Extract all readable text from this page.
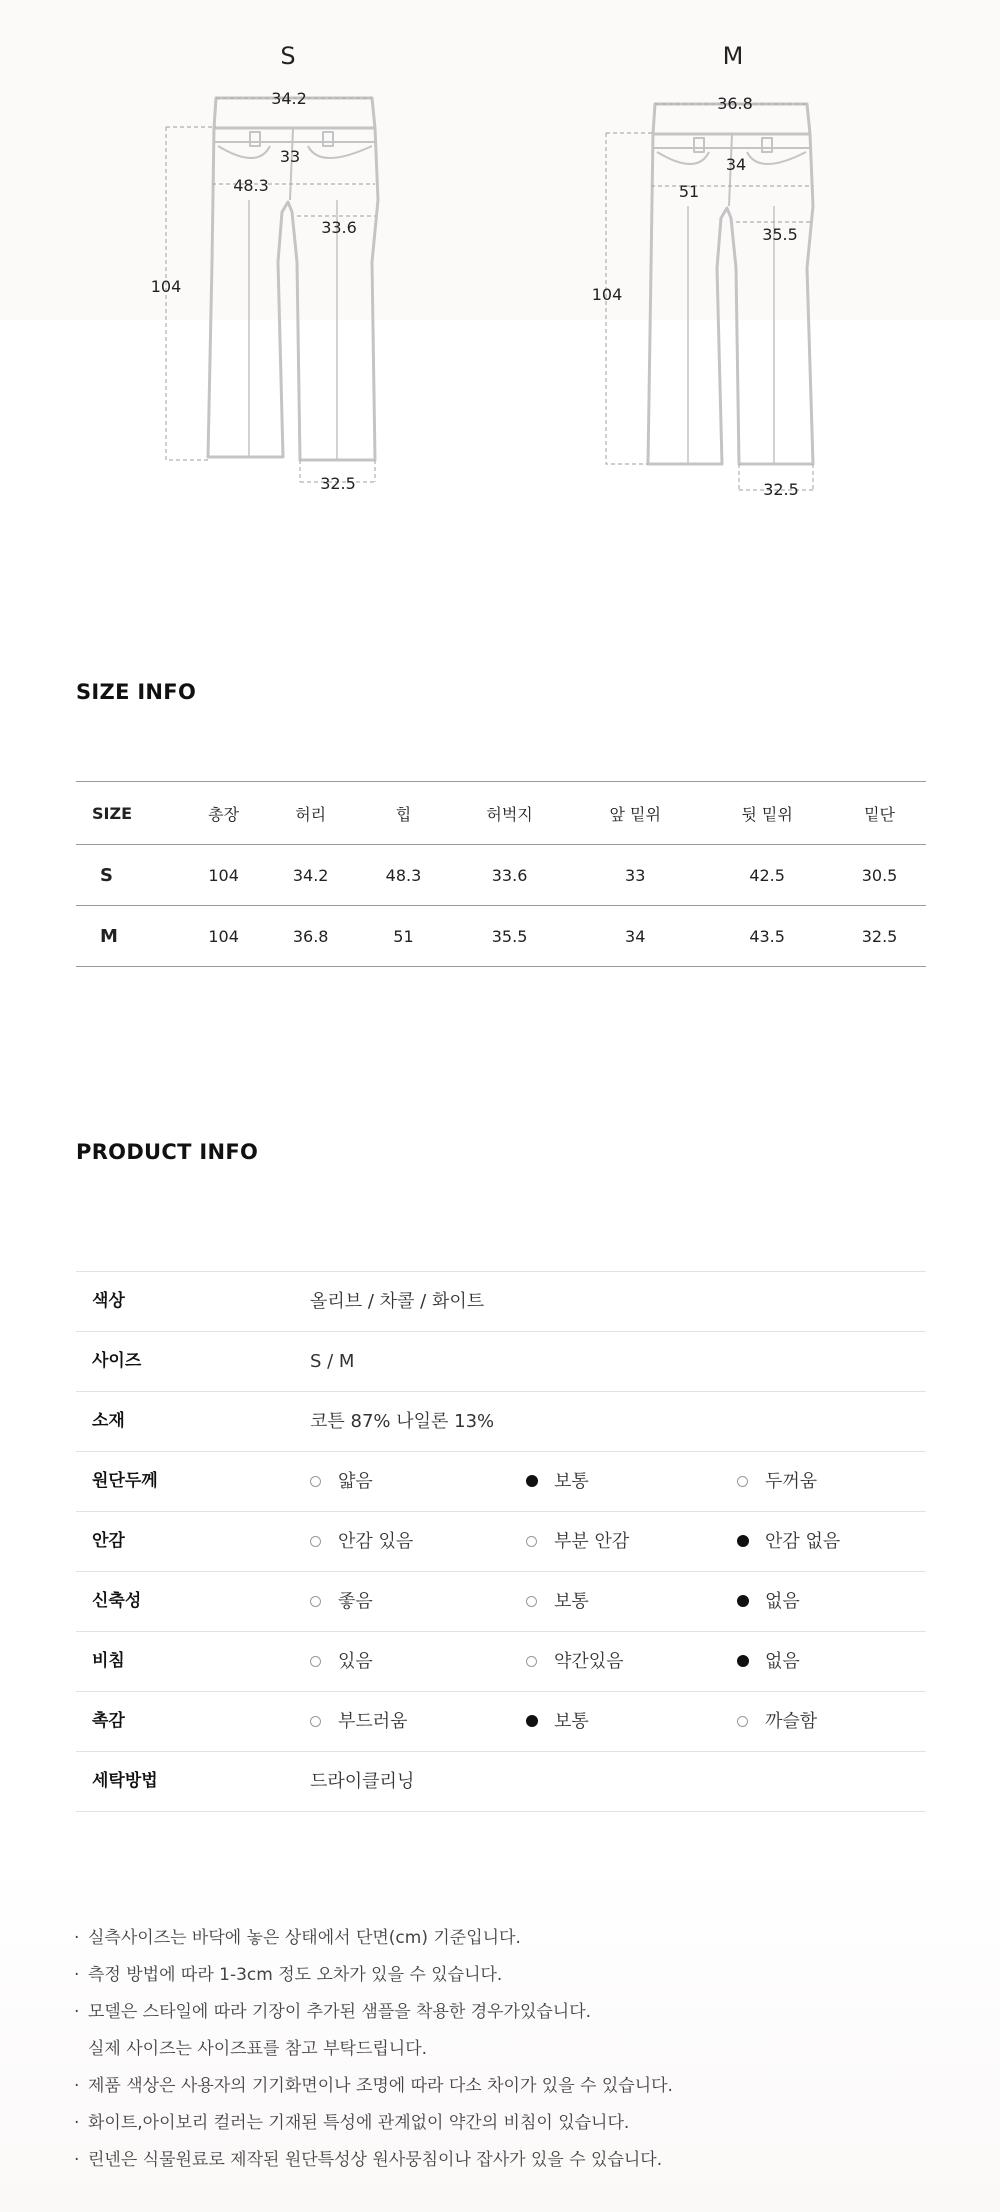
S
34.2
33
48.3
33.6
104
32.5
M
36.8
34
51
35.5
104
32.5
SIZE INFO
SIZE	총장	허리	힙	허벅지	앞 밑위	뒷 밑위	밑단
S	104	34.2	48.3	33.6	33	42.5	30.5
M	104	36.8	51	35.5	34	43.5	32.5
PRODUCT INFO
색상	올리브 / 차콜 / 화이트
사이즈	S / M
소재	코튼 87% 나일론 13%
원단두께	얇음	보통	두꺼움
안감	안감 있음	부분 안감	안감 없음
신축성	좋음	보통	없음
비침	있음	약간있음	없음
촉감	부드러움	보통	까슬함
세탁방법	드라이클리닝
· 실측사이즈는 바닥에 놓은 상태에서 단면(cm) 기준입니다.
· 측정 방법에 따라 1-3cm 정도 오차가 있을 수 있습니다.
· 모델은 스타일에 따라 기장이 추가된 샘플을 착용한 경우가있습니다.
실제 사이즈는 사이즈표를 참고 부탁드립니다.
· 제품 색상은 사용자의 기기화면이나 조명에 따라 다소 차이가 있을 수 있습니다.
· 화이트,아이보리 컬러는 기재된 특성에 관계없이 약간의 비침이 있습니다.
· 린넨은 식물원료로 제작된 원단특성상 원사뭉침이나 잡사가 있을 수 있습니다.
